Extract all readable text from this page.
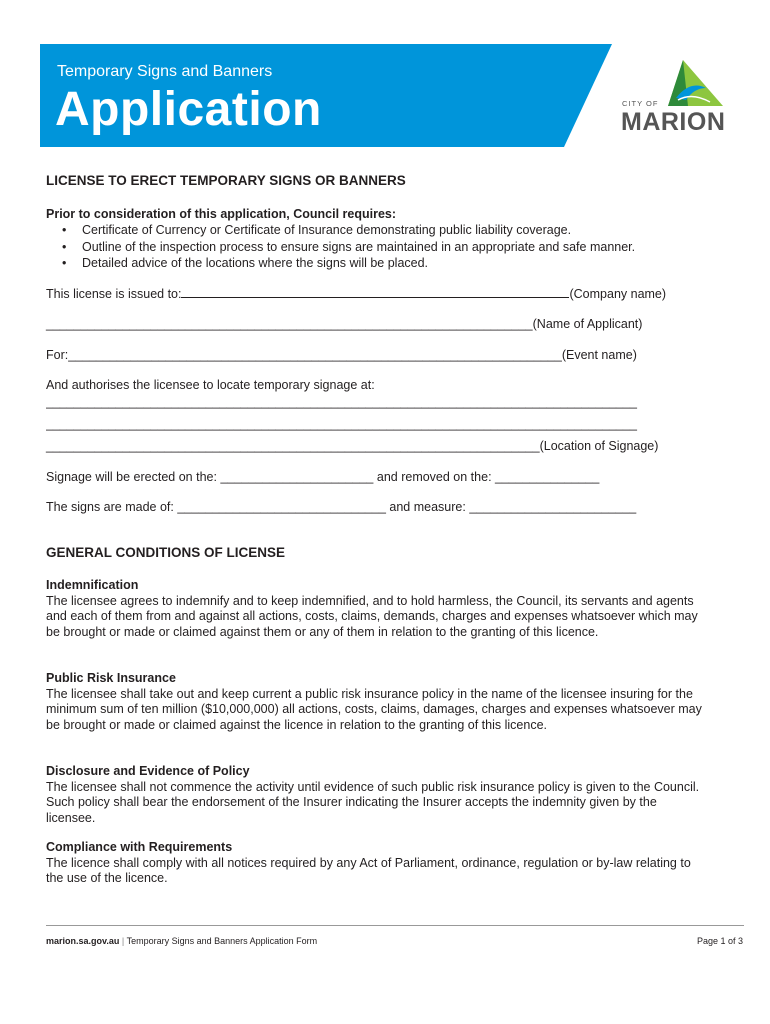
Temporary Signs and Banners
Application	CITY OF
MARION
LICENSE TO ERECT TEMPORARY SIGNS OR BANNERS
Prior to consideration of this application, Council requires:
• Certificate of Currency or Certificate of Insurance demonstrating public liability coverage.
• Outline of the inspection process to ensure signs are maintained in an appropriate and safe manner.
• Detailed advice of the locations where the signs will be placed.
This license is issued to:	(Company name)
______________________________________________________________________(Name of Applicant)
For:_______________________________________________________________________(Event name)
And authorises the licensee to locate temporary signage at:
_____________________________________________________________________________________
_____________________________________________________________________________________
_______________________________________________________________________(Location of Signage)
Signage will be erected on the: ______________________ and removed on the: _______________
The signs are made of: ______________________________ and measure: ________________________
GENERAL CONDITIONS OF LICENSE
Indemnification
The licensee agrees to indemnify and to keep indemnified, and to hold harmless, the Council, its servants and agents and each of them from and against all actions, costs, claims, demands, charges and expenses whatsoever which may be brought or made or claimed against them or any of them in relation to the granting of this licence.
Public Risk Insurance
The licensee shall take out and keep current a public risk insurance policy in the name of the licensee insuring for the minimum sum of ten million ($10,000,000) all actions, costs, claims, damages, charges and expenses whatsoever may be brought or made or claimed against the licence in relation to the granting of this licence.
Disclosure and Evidence of Policy
The licensee shall not commence the activity until evidence of such public risk insurance policy is given to the Council. Such policy shall bear the endorsement of the Insurer indicating the Insurer accepts the indemnity given by the licensee.
Compliance with Requirements
The licence shall comply with all notices required by any Act of Parliament, ordinance, regulation or by-law relating to the use of the licence.
marion.sa.gov.au | Temporary Signs and Banners Application Form	Page 1 of 3
